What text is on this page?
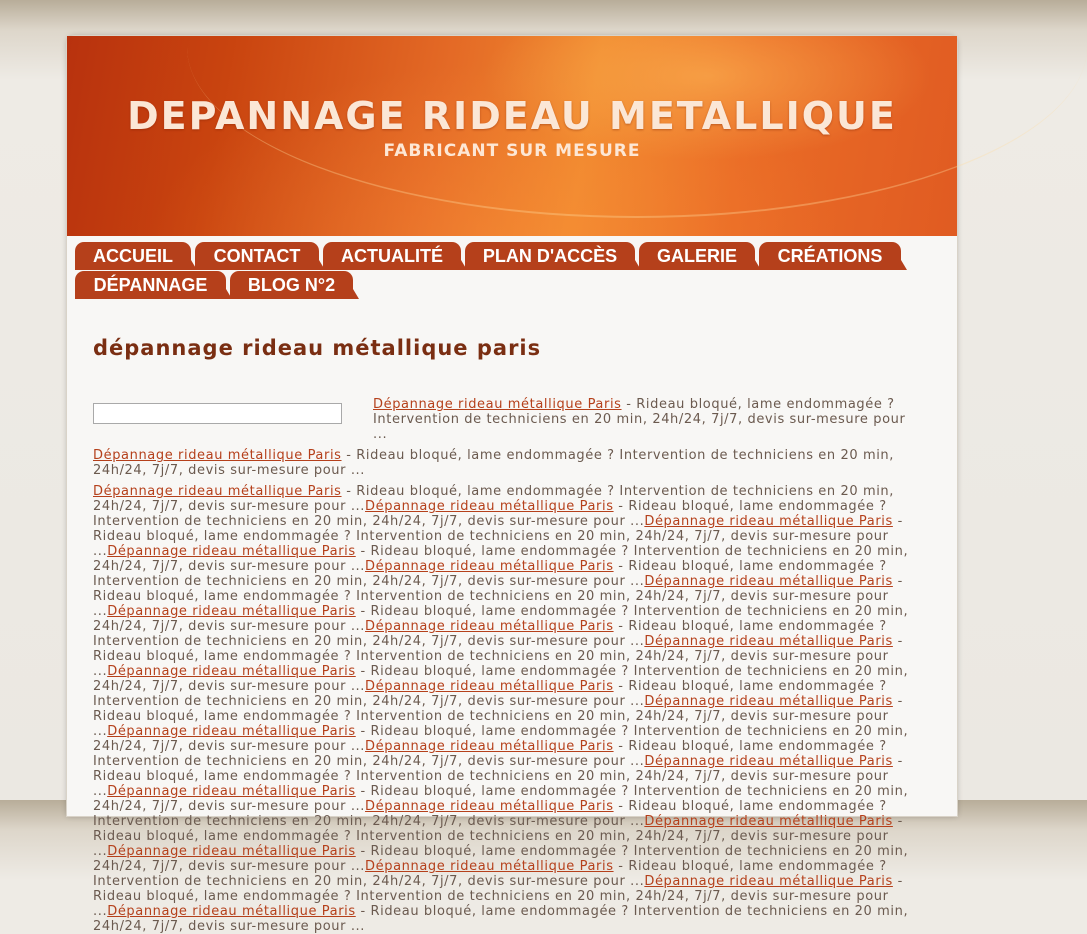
DEPANNAGE RIDEAU METALLIQUE
FABRICANT SUR MESURE
ACCUEIL	CONTACT	ACTUALITÉ	PLAN D'ACCÈS	GALERIE	CRÉATIONS
DÉPANNAGE	BLOG N°2
dépannage rideau métallique paris
Dépannage rideau métallique Paris - Rideau bloqué, lame endommagée ? Intervention de techniciens en 20 min, 24h/24, 7j/7, devis sur-mesure pour ...
Dépannage rideau métallique Paris - Rideau bloqué, lame endommagée ? Intervention de techniciens en 20 min, 24h/24, 7j/7, devis sur-mesure pour ...
Dépannage rideau métallique Paris - Rideau bloqué, lame endommagée ? Intervention de techniciens en 20 min, 24h/24, 7j/7, devis sur-mesure pour ...Dépannage rideau métallique Paris - Rideau bloqué, lame endommagée ? Intervention de techniciens en 20 min, 24h/24, 7j/7, devis sur-mesure pour ...Dépannage rideau métallique Paris - Rideau bloqué, lame endommagée ? Intervention de techniciens en 20 min, 24h/24, 7j/7, devis sur-mesure pour ...Dépannage rideau métallique Paris - Rideau bloqué, lame endommagée ? Intervention de techniciens en 20 min, 24h/24, 7j/7, devis sur-mesure pour ...Dépannage rideau métallique Paris - Rideau bloqué, lame endommagée ? Intervention de techniciens en 20 min, 24h/24, 7j/7, devis sur-mesure pour ...Dépannage rideau métallique Paris - Rideau bloqué, lame endommagée ? Intervention de techniciens en 20 min, 24h/24, 7j/7, devis sur-mesure pour ...Dépannage rideau métallique Paris - Rideau bloqué, lame endommagée ? Intervention de techniciens en 20 min, 24h/24, 7j/7, devis sur-mesure pour ...Dépannage rideau métallique Paris - Rideau bloqué, lame endommagée ? Intervention de techniciens en 20 min, 24h/24, 7j/7, devis sur-mesure pour ...Dépannage rideau métallique Paris - Rideau bloqué, lame endommagée ? Intervention de techniciens en 20 min, 24h/24, 7j/7, devis sur-mesure pour ...Dépannage rideau métallique Paris - Rideau bloqué, lame endommagée ? Intervention de techniciens en 20 min, 24h/24, 7j/7, devis sur-mesure pour ...Dépannage rideau métallique Paris - Rideau bloqué, lame endommagée ? Intervention de techniciens en 20 min, 24h/24, 7j/7, devis sur-mesure pour ...Dépannage rideau métallique Paris - Rideau bloqué, lame endommagée ? Intervention de techniciens en 20 min, 24h/24, 7j/7, devis sur-mesure pour ...Dépannage rideau métallique Paris - Rideau bloqué, lame endommagée ? Intervention de techniciens en 20 min, 24h/24, 7j/7, devis sur-mesure pour ...Dépannage rideau métallique Paris - Rideau bloqué, lame endommagée ? Intervention de techniciens en 20 min, 24h/24, 7j/7, devis sur-mesure pour ...Dépannage rideau métallique Paris - Rideau bloqué, lame endommagée ? Intervention de techniciens en 20 min, 24h/24, 7j/7, devis sur-mesure pour ...Dépannage rideau métallique Paris - Rideau bloqué, lame endommagée ? Intervention de techniciens en 20 min, 24h/24, 7j/7, devis sur-mesure pour ...Dépannage rideau métallique Paris - Rideau bloqué, lame endommagée ? Intervention de techniciens en 20 min, 24h/24, 7j/7, devis sur-mesure pour ...Dépannage rideau métallique Paris - Rideau bloqué, lame endommagée ? Intervention de techniciens en 20 min, 24h/24, 7j/7, devis sur-mesure pour ...Dépannage rideau métallique Paris - Rideau bloqué, lame endommagée ? Intervention de techniciens en 20 min, 24h/24, 7j/7, devis sur-mesure pour ...Dépannage rideau métallique Paris - Rideau bloqué, lame endommagée ? Intervention de techniciens en 20 min, 24h/24, 7j/7, devis sur-mesure pour ...Dépannage rideau métallique Paris - Rideau bloqué, lame endommagée ? Intervention de techniciens en 20 min, 24h/24, 7j/7, devis sur-mesure pour ...Dépannage rideau métallique Paris - Rideau bloqué, lame endommagée ? Intervention de techniciens en 20 min, 24h/24, 7j/7, devis sur-mesure pour ...
